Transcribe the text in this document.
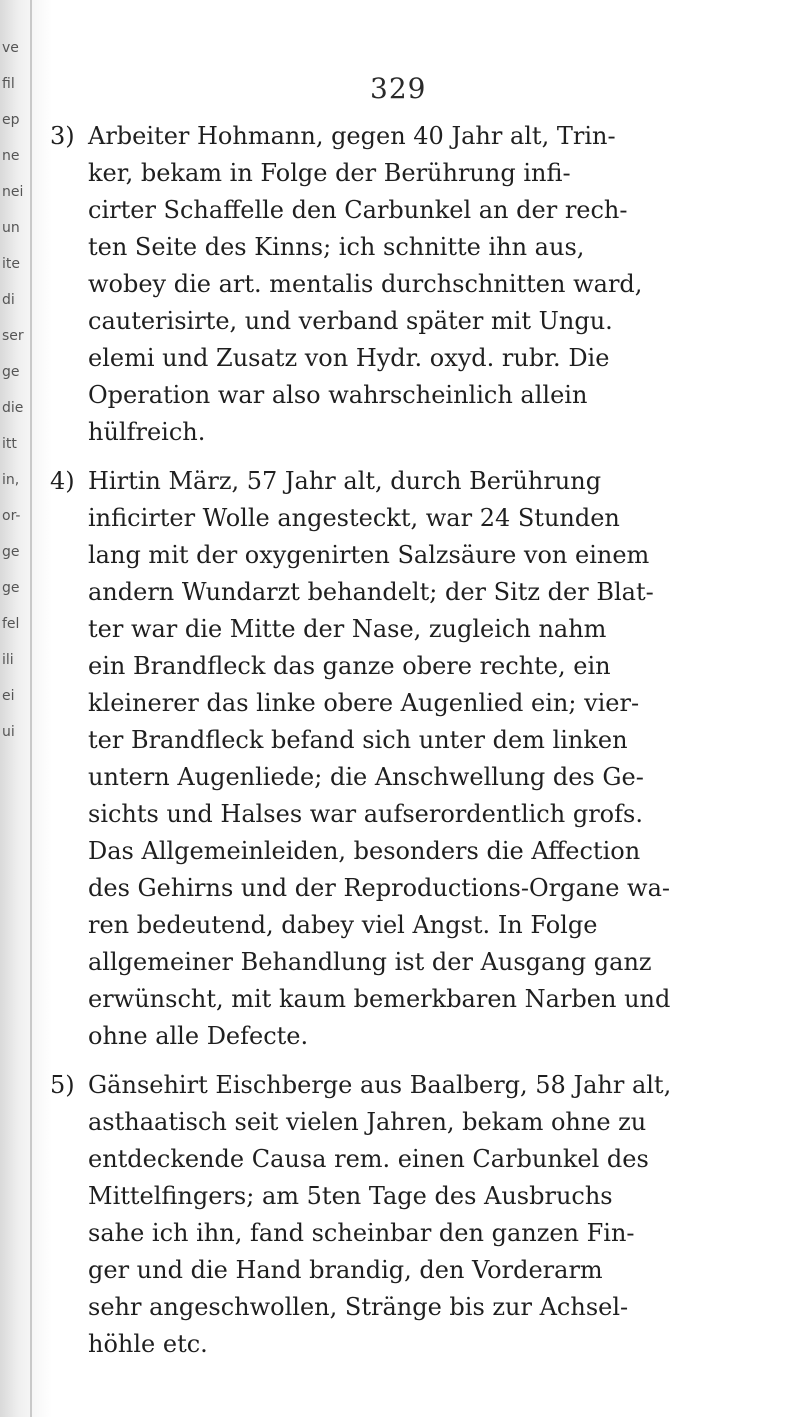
ve
fil
ep
ne
nei
un
ite
di
ser
ge
die
itt
in,
or-
ge
ge
fel
ili
ei
ui
329
3) Arbeiter Hohmann, gegen 40 Jahr alt, Trin-
ker, bekam in Folge der Berührung infi-
cirter Schaffelle den Carbunkel an der rech-
ten Seite des Kinns; ich schnitte ihn aus,
wobey die art. mentalis durchschnitten ward,
cauterisirte, und verband später mit Ungu.
elemi und Zusatz von Hydr. oxyd. rubr. Die
Operation war also wahrscheinlich allein
hülfreich.

4) Hirtin März, 57 Jahr alt, durch Berührung
inficirter Wolle angesteckt, war 24 Stunden
lang mit der oxygenirten Salzsäure von einem
andern Wundarzt behandelt; der Sitz der Blat-
ter war die Mitte der Nase, zugleich nahm
ein Brandfleck das ganze obere rechte, ein
kleinerer das linke obere Augenlied ein; vier-
ter Brandfleck befand sich unter dem linken
untern Augenliede; die Anschwellung des Ge-
sichts und Halses war aufserordentlich grofs.
Das Allgemeinleiden, besonders die Affection
des Gehirns und der Reproductions-Organe wa-
ren bedeutend, dabey viel Angst. In Folge
allgemeiner Behandlung ist der Ausgang ganz
erwünscht, mit kaum bemerkbaren Narben und
ohne alle Defecte.

5) Gänsehirt Eischberge aus Baalberg, 58 Jahr alt,
asthaatisch seit vielen Jahren, bekam ohne zu
entdeckende Causa rem. einen Carbunkel des
Mittelfingers; am 5ten Tage des Ausbruchs
sahe ich ihn, fand scheinbar den ganzen Fin-
ger und die Hand brandig, den Vorderarm
sehr angeschwollen, Stränge bis zur Achsel-
höhle etc.
